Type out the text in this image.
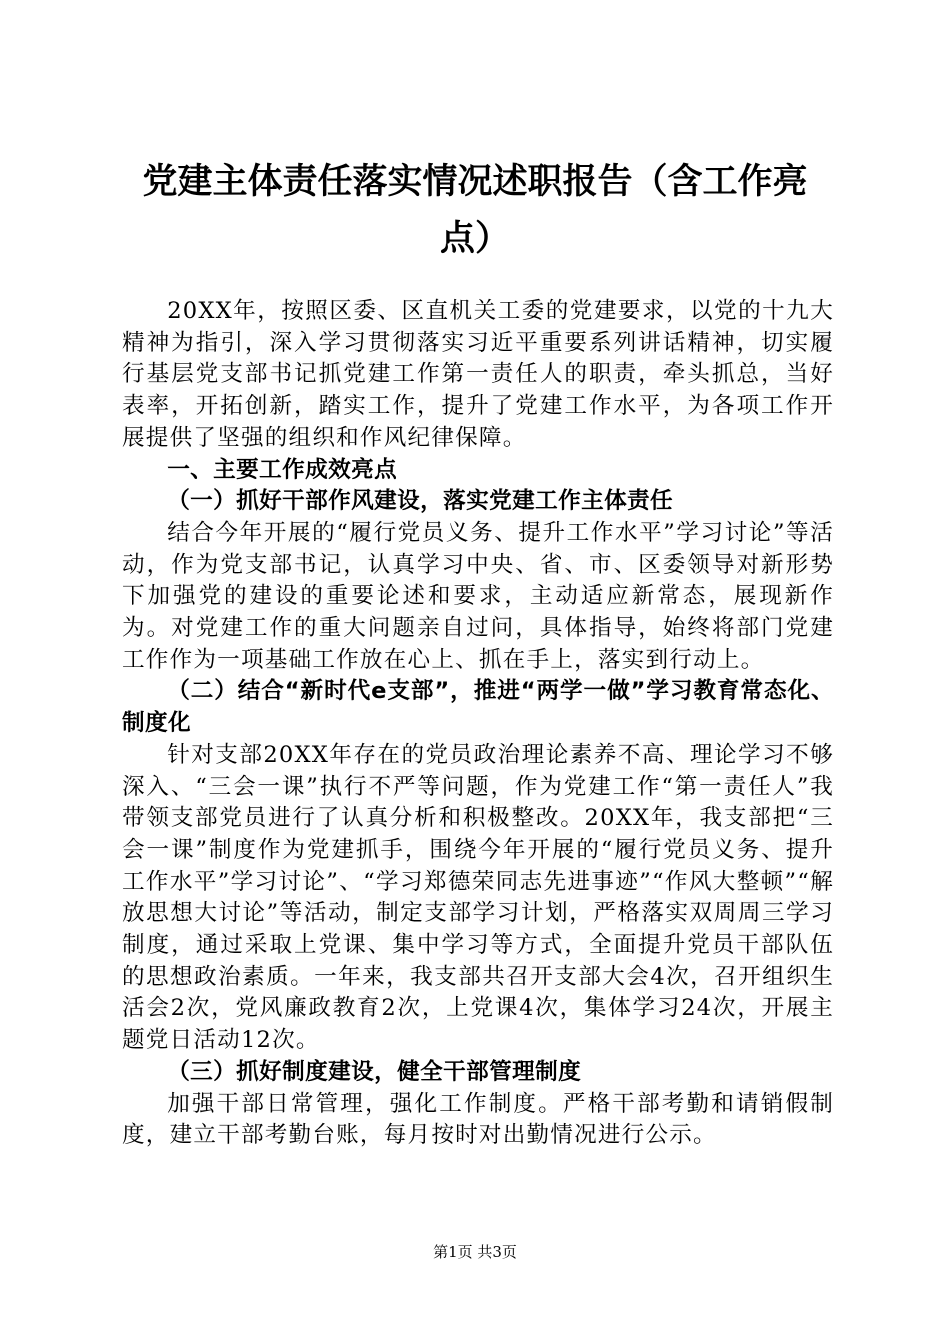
党建主体责任落实情况述职报告（含工作亮
点）

20XX年，按照区委、区直机关工委的党建要求，以党的十九大精神为指引，深入学习贯彻落实习近平重要系列讲话精神，切实履行基层党支部书记抓党建工作第一责任人的职责，牵头抓总，当好表率，开拓创新，踏实工作，提升了党建工作水平，为各项工作开展提供了坚强的组织和作风纪律保障。

一、主要工作成效亮点

（一）抓好干部作风建设，落实党建工作主体责任

结合今年开展的“履行党员义务、提升工作水平”学习讨论”等活动，作为党支部书记，认真学习中央、省、市、区委领导对新形势下加强党的建设的重要论述和要求，主动适应新常态，展现新作为。对党建工作的重大问题亲自过问，具体指导，始终将部门党建工作作为一项基础工作放在心上、抓在手上，落实到行动上。

（二）结合“新时代e支部”，推进“两学一做”学习教育常态化、制度化

针对支部20XX年存在的党员政治理论素养不高、理论学习不够深入、“三会一课”执行不严等问题，作为党建工作“第一责任人”我带领支部党员进行了认真分析和积极整改。20XX年，我支部把“三会一课”制度作为党建抓手，围绕今年开展的“履行党员义务、提升工作水平”学习讨论”、“学习郑德荣同志先进事迹”“作风大整顿”“解放思想大讨论”等活动，制定支部学习计划，严格落实双周周三学习制度，通过采取上党课、集中学习等方式，全面提升党员干部队伍的思想政治素质。一年来，我支部共召开支部大会4次，召开组织生活会2次，党风廉政教育2次，上党课4次，集体学习24次，开展主题党日活动12次。

（三）抓好制度建设，健全干部管理制度

加强干部日常管理，强化工作制度。严格干部考勤和请销假制度，建立干部考勤台账，每月按时对出勤情况进行公示。

第1页 共3页
